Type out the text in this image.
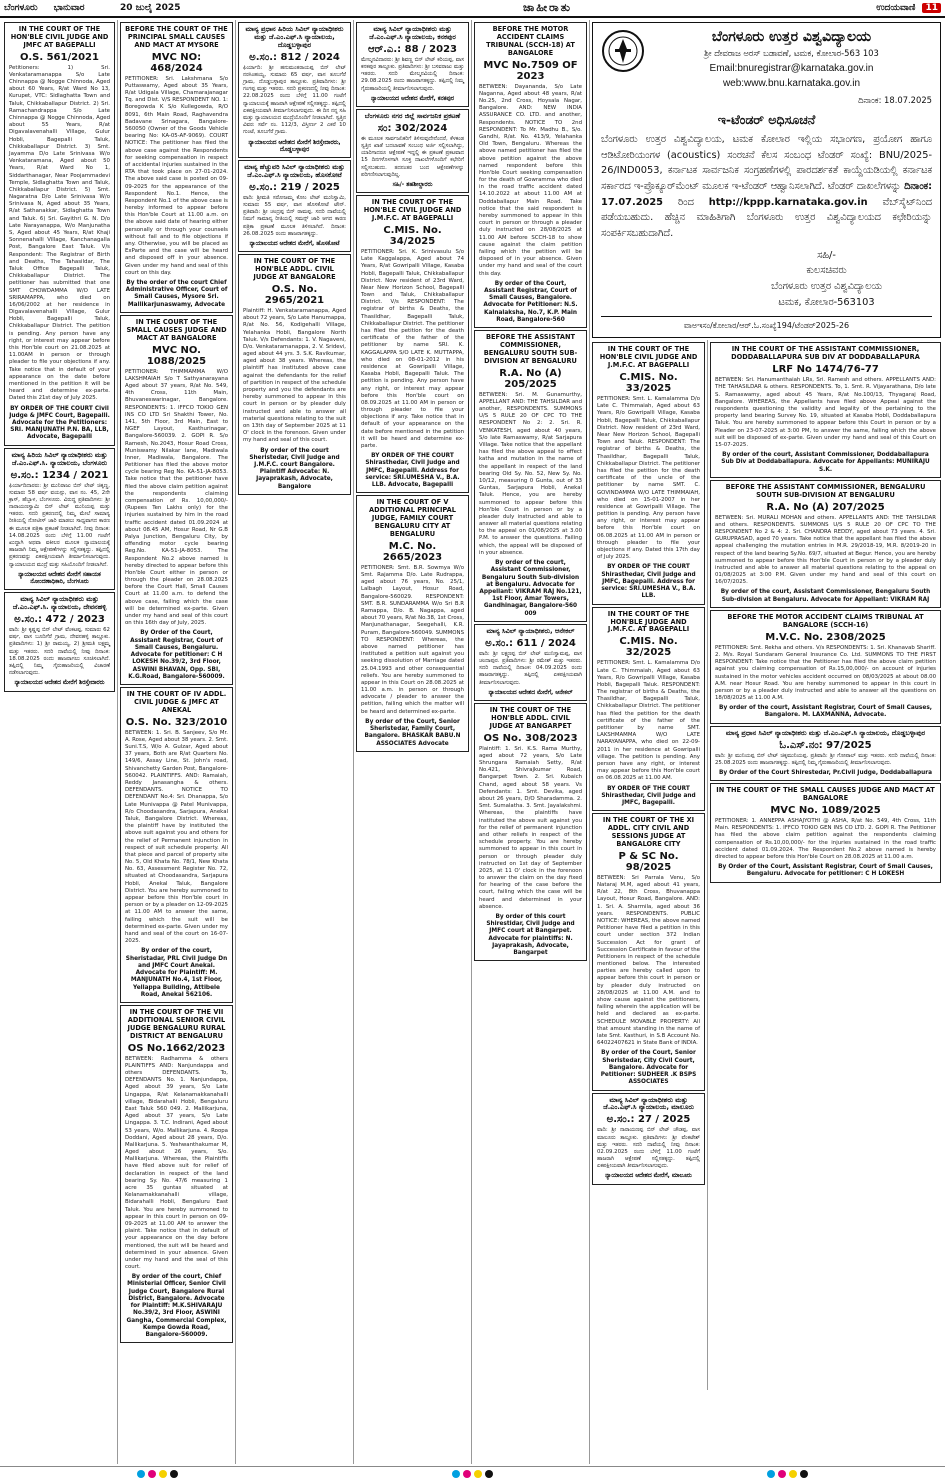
ಬೆಂಗಳೂರು ಭಾನುವಾರ	20 ಜುಲೈ 2025	ಜಾಹೀರಾತು	ಉದಯವಾಣಿ 11
IN THE COURT OF THE HON'BLE CIVIL JUDGE AND JMFC AT BAGEPALLI
O.S. 561/2021
Petitioners: 1) Sri. Venkataramanappa S/o Late Chinnappa @ Nogge Chinnoda, Aged about 60 Years, R/at Ward No 13, Kurupet, VTC: Sidlaghatta Town and Taluk, Chikkaballapur District. 2) Sri. Ramachandrappa S/o Late Chinnappa @ Nogge Chinnoda, Aged about 55 Years, R/at Digavalavenahalli Village, Gulur Hobli, Bagepalli Taluk, Chikkaballapur District. 3) Smt. Jayamma D/o Late Srinivasa W/o Venkataramana, Aged about 50 Years, R/at Ward No 1, Siddarthanagar, Near Poojammadevi Temple, Sidlaghatta Town and Taluk, Chikkaballapur District. 5) Smt. Nagaratna D/o Late Srinivasa W/o Srinivasa N, Aged about 35 Years, R/at Sathanakkar, Sidlaghatta Town and Taluk. 6) Sri. Gayithri G. N. D/o Late Narayanappa, W/o Manjunatha S, Aged about 45 Years, R/at Khaji Sonnenahalli Village, Kanchanagalla Post, Bangalore East Taluk. V/s Respondent: The Registrar of Birth and Deaths, The Tahasildar, The Taluk Office Bagepalli Taluk, Chikkaballapur District. The petitioner has submitted that one SMT CHOWDAMMA W/O LATE SRIRAMAPPA, who died on 16/06/2002 at her residence in Digavalavenahalli Village, Gulur Hobli, Bagepalli Taluk, Chikkaballapur District. The petition is pending. Any person have any right, or interest may appear before this Hon'ble court on 21.08.2025 at 11.00AM in person or through pleader to file your objections if any. Take notice that in default of your appearance on the date before mentioned in the petition it will be heard and determine ex-parte. Dated this 21st day of July 2025.
BY ORDER OF THE COURT Civil Judge & JMFC Court, Bagepalli. Advocate for the Petitioners: SRI. MANJUNATH P.N. BA, LLB, Advocate, Bagepalli
ಮಾನ್ಯ ಹಿರಿಯ ಸಿವಿಲ್ ನ್ಯಾಯಾಧೀಶರು ಮತ್ತು ಜೆ.ಎಂ.ಎಫ್.ಸಿ. ನ್ಯಾಯಾಲಯ, ಬೆಂಗಳೂರು
ಅ.ಸಂ.: 1234 / 2021
ಫಿರ್ಯಾದಿದಾರರು: ಶ್ರೀ ಮುನಿರಾಜು ಬಿನ್ ಲೇಟ್ ಚಿಕ್ಕಣ್ಣ, ಸುಮಾರು 58 ವರ್ಷ ವಯಸ್ಸು, ವಾಸ ನಂ. 45, 2ನೇ ಕ್ರಾಸ್, ಹೆಬ್ಬಾಳ, ಬೆಂಗಳೂರು. ವಿರುದ್ಧ ಪ್ರತಿವಾದಿಗಳು: ಶ್ರೀ ನಾರಾಯಣಸ್ವಾಮಿ ಬಿನ್ ಲೇಟ್ ಮುನಿಯಪ್ಪ ಮತ್ತು ಇತರರು. ಸದರಿ ಪ್ರಕರಣದಲ್ಲಿ ನಿಮ್ಮ ಮೇಲೆ ಸಾಮಾನ್ಯ ರೀತಿಯಲ್ಲಿ ನೋಟೀಸ್ ಜಾರಿ ಮಾಡಲು ಸಾಧ್ಯವಾಗದ ಕಾರಣ ಈ ಮೂಲಕ ಪತ್ರಿಕಾ ಪ್ರಕಟಣೆ ನೀಡಲಾಗಿದೆ. ನೀವು ದಿನಾಂಕ: 14.08.2025 ರಂದು ಬೆಳಿಗ್ಗೆ 11.00 ಗಂಟೆಗೆ ಖುದ್ದಾಗಿ ಅಥವಾ ವಕೀಲರ ಮೂಲಕ ನ್ಯಾಯಾಲಯಕ್ಕೆ ಹಾಜರಾಗಿ ನಿಮ್ಮ ಆಕ್ಷೇಪಣೆಗಳನ್ನು ಸಲ್ಲಿಸತಕ್ಕದ್ದು. ತಪ್ಪಿದಲ್ಲಿ ಪ್ರಕರಣವನ್ನು ಏಕಪಕ್ಷೀಯವಾಗಿ ತೀರ್ಮಾನಿಸಲಾಗುವುದು. ನ್ಯಾಯಾಲಯದ ಮುದ್ರೆ ಮತ್ತು ಸಹಿಯೊಂದಿಗೆ ನೀಡಲಾಗಿದೆ.
ನ್ಯಾಯಾಲಯದ ಆದೇಶದ ಮೇರೆಗೆ ಸಹಾಯಕ ನೋಂದಣಾಧಿಕಾರಿ, ಬೆಂಗಳೂರು
ಮಾನ್ಯ ಸಿವಿಲ್ ನ್ಯಾಯಾಧೀಶರು ಮತ್ತು ಜೆ.ಎಂ.ಎಫ್.ಸಿ. ನ್ಯಾಯಾಲಯ, ದೇವನಹಳ್ಳಿ
ಅ.ಸಂ.: 472 / 2023
ವಾದಿ: ಶ್ರೀ ಕೃಷ್ಣಪ್ಪ ಬಿನ್ ಲೇಟ್ ವೆಂಕಟಪ್ಪ, ಸುಮಾರು 62 ವರ್ಷ, ವಾಸ ಬೂದಿಗೆರೆ ಗ್ರಾಮ, ದೇವನಹಳ್ಳಿ ತಾಲ್ಲೂಕು. ಪ್ರತಿವಾದಿಗಳು: 1) ಶ್ರೀ ರಾಮಯ್ಯ, 2) ಶ್ರೀಮತಿ ಲಕ್ಷ್ಮಮ್ಮ ಮತ್ತು ಇತರರು. ಸದರಿ ದಾವೆಯಲ್ಲಿ ನೀವು ದಿನಾಂಕ: 18.08.2025 ರಂದು ಹಾಜರಾಗಲು ಸೂಚಿಸಲಾಗಿದೆ. ತಪ್ಪಿದಲ್ಲಿ ನಿಮ್ಮ ಗೈರುಹಾಜರಿಯಲ್ಲಿ ವಿಚಾರಣೆ ನಡೆಸಲಾಗುವುದು.
ನ್ಯಾಯಾಲಯದ ಆದೇಶದ ಮೇರೆಗೆ ಶಿರಸ್ತೇದಾರರು
BEFORE THE COURT OF THE PRINCIPAL SMALL CAUSES AND MACT AT MYSORE
MVC NO: 468/2024
PETITIONER: Sri. Lakshmana S/o Puttaswamy, Aged about 35 Years, R/at Udigala Village, Chamarajanagar Tq. and Dist. V/S RESPONDENT NO. 1: Boregowda K S/o Kullegowda, R/O 8091, 6th Main Road, Raghavendra Badavane Srinagara, Bangalore-560050 (Owner of the Goods Vehicle bearing No: KA-05-AF-9069). COURT NOTICE: The petitioner has filed the above case against the Respondents for seeking compensation in respect of accidental injuries sustained in the RTA that took place on 27-01-2024. The above said case is posted on 09-09-2025 for the appearance of the Respondent No.1. Hence, the Respondent No.1 of the above case is hereby informed to appear before this Hon'ble Court at 11.00 a.m. on the above said date of hearing either personally or through your counsels without fail and to file objections if any. Otherwise, you will be placed as ExParte and the case will be heard and disposed off in your absence. Given under my hand and seal of this court on this day.
By the order of the court Chief Administrative Officer, Court of Small Causes, Mysore Sri. Mallikarjunaswamy, Advocate
IN THE COURT OF THE SMALL CAUSES JUDGE AND MACT AT BANGALORE
MVC NO. 1088/2025
PETITIONER: THIMMAMMA W/O LAKSHMAIAH S/o T Sathyanarayana Aged about 37 years, R/at No. 549, 4th Cross, 11th Main, Bhuvaneswarinagar, Bangalore. RESPONDENTS: 1. IFFCO TOKIO GEN INS CO LTD Sri Shakthi Tower, No. 141, 5th Floor, 3rd Main, East to NGEF Layout, Kasthurinagar, Bangalore-560039. 2. GOPI R. S/o Ramesh, No.2043, Hosur Road Cross, Muniswamy Nilakar lane, Madiwala Inner, Madiwala, Bangalore. The Petitioner has filed the above motor cycle bearing Reg No. KA-51-JA-8053. Take notice that the petitioner have filed the above claim petition against the respondents claiming compensation of Rs. 10,00,000/- (Rupees Ten Lakhs only) for the injuries sustained by him in the road traffic accident dated 01.09.2024 at about 08.45 AM, Hosur Road, Nr G.B Palya Junction, Bengaluru City, by offending motor cycle bearing Reg.No. KA-51-JA-8053. The Respondent No.2 above named is hereby directed to appear before this Hon'ble Court either in person or through the pleader on 28.08.2025 before the Court Hall, Small Causes Court at 11.00 a.m. to defend the above case, failing which the case will be determined ex-parte. Given under my hand and seal of this court on this 16th day of July, 2025.
By Order of the Court, Assistant Registrar, Court of Small Causes, Bengaluru. Advocate for petitioner: C H LOKESH No.39/2, 3rd Floor, ASWINI BHAVAN, Opp. SBI, K.G.Road, Bangalore-560009.
IN THE COURT OF IV ADDL. CIVIL JUDGE & JMFC AT ANEKAL
O.S. No. 323/2010
BETWEEN: 1. Sri. B. Sanjeev, S/o Mr. A. Rose, Aged about 38 years. 2. Smt. Suni.T.S, W/o A. Gulzar, Aged about 37 years, Both are R/at Quarters No. 149/6, Assay Line, St. John's road, Shivanchetty Garden Post, Bangalore-560042. PLAINTIFFS. AND: Ramaiah, Reddy Janasangha & others. DEFENDANTS. NOTICE TO DEFENDANT No.4: Sri. Dhanappa, S/o Late Munivappa @ Patel Munivappa, R/o Choodasandra, Sarjapura, Anekal Taluk, Bangalore District. Whereas, the plaintiff have by instituted the above suit against you and others for the relief of Permanent injunction in respect of suit schedule property. All that piece and parcel of property site No. 5, Old Khata No. 78/1, New Khata No. 63, Assessment Register No. 72, situated at Choodasandra, Sarjapura Hobli, Anekal Taluk, Bangalore District. You are hereby summoned to appear before this Hon'ble court in person or by a pleader on 12-09-2025 at 11.00 AM to answer the same, failing which the suit will be determined ex-parte. Given under my hand and seal of the court on 16-07-2025.
By order of the court, Sheristadar, PRL Civil Judge Dn and JMFC Court Anekal. Advocate for Plaintiff: M. MANJUNATH No.4, 1st Floor, Yellappa Building, Attibele Road, Anekal 562106.
IN THE COURT OF THE VII ADDITIONAL SENIOR CIVIL JUDGE BENGALURU RURAL DISTRICT AT BENGALURU
OS No.1662/2023
BETWEEN: Radhamma & others PLAINTIFFS AND: Nanjundappa and others DEFENDANTS. To, DEFENDANTS No. 1. Nanjundappa, Aged about 39 years, S/o Late Lingappa, R/at Kelanamakkanahalli village, Bidarahalli Hobli, Bengaluru East Taluk 560 049. 2. Mallikarjuna, Aged about 37 years, S/o Late Lingappa. 3. T.C. Indirani, Aged about 53 years, W/o. Mallikarjuna. 4. Roopa Doddani, Aged about 28 years, D/o. Mallikarjuna. 5. Yeshwanthakumar M, Aged about 26 years, S/o. Mallikarjuna. Whereas, the Plaintiffs have filed above suit for relief of declaration in respect of the land bearing Sy. No. 47/6 measuring 1 acre 35 guntas situated at Kelanamakkanahalli village, Bidarahalli Hobli, Bengaluru East Taluk. You are hereby summoned to appear in this court in person on 09-09-2025 at 11.00 AM to answer the plaint. Take notice that in default of your appearance on the day before mentioned, the suit will be heard and determined in your absence. Given under my hand and the seal of this court.
By order of the court, Chief Ministerial Officer, Senior Civil Judge Court, Bangalore Rural District, Bangalore. Advocate for Plaintiff: M.K.SHIVARAJU No.39/2, 3rd Floor, ASWINI Gangha, Commercial Complex, Kempe Gowda Road, Bangalore-560009.
ಮಾನ್ಯ ಪ್ರಧಾನ ಹಿರಿಯ ಸಿವಿಲ್ ನ್ಯಾಯಾಧೀಶರು ಮತ್ತು ಜೆ.ಎಂ.ಎಫ್.ಸಿ ನ್ಯಾಯಾಲಯ, ದೊಡ್ಡಬಳ್ಳಾಪುರ
ಅ.ಸಂ.: 812 / 2024
ಫಿರ್ಯಾದಿ: ಶ್ರೀ ಹನುಮಂತರಾಯಪ್ಪ ಬಿನ್ ಲೇಟ್ ನರಸಿಂಹಯ್ಯ, ಸುಮಾರು 65 ವರ್ಷ, ವಾಸ ತೂಬಗೆರೆ ಗ್ರಾಮ, ದೊಡ್ಡಬಳ್ಳಾಪುರ ತಾಲ್ಲೂಕು. ಪ್ರತಿವಾದಿಗಳು: ಶ್ರೀ ಗಂಗಪ್ಪ ಮತ್ತು ಇತರರು. ಸದರಿ ಪ್ರಕರಣದಲ್ಲಿ ನೀವು ದಿನಾಂಕ: 22.08.2025 ರಂದು ಬೆಳಿಗ್ಗೆ 11.00 ಗಂಟೆಗೆ ನ್ಯಾಯಾಲಯಕ್ಕೆ ಹಾಜರಾಗಿ ಆಕ್ಷೇಪಣೆ ಸಲ್ಲಿಸತಕ್ಕದ್ದು. ತಪ್ಪಿದಲ್ಲಿ ಏಕಪಕ್ಷೀಯವಾಗಿ ತೀರ್ಮಾನಿಸಲಾಗುವುದು. ಈ ದಿನ ನನ್ನ ಸಹಿ ಮತ್ತು ನ್ಯಾಯಾಲಯದ ಮುದ್ರೆಯೊಂದಿಗೆ ನೀಡಲಾಗಿದೆ. ಸ್ವತ್ತಿನ ವಿವರ: ಸರ್ವೆ ನಂ. 112/3, ವಿಸ್ತೀರ್ಣ 2 ಎಕರೆ 10 ಗುಂಟೆ, ತೂಬಗೆರೆ ಗ್ರಾಮ.
ನ್ಯಾಯಾಲಯದ ಆದೇಶದ ಮೇರೆಗೆ ಶಿರಸ್ತೇದಾರರು, ದೊಡ್ಡಬಳ್ಳಾಪುರ
ಮಾನ್ಯ ಹೆಚ್ಚುವರಿ ಸಿವಿಲ್ ನ್ಯಾಯಾಧೀಶರು ಮತ್ತು ಜೆ.ಎಂ.ಎಫ್.ಸಿ ನ್ಯಾಯಾಲಯ, ಹೊಸಕೋಟೆ
ಅ.ಸಂ.: 219 / 2025
ವಾದಿ: ಶ್ರೀಮತಿ ಸರೋಜಮ್ಮ ಕೋಂ ಲೇಟ್ ಮುನಿಸ್ವಾಮಿ, ಸುಮಾರು 55 ವರ್ಷ, ವಾಸ ಹೊಸಕೋಟೆ ಟೌನ್. ಪ್ರತಿವಾದಿ: ಶ್ರೀ ಚಂದ್ರಪ್ಪ ಬಿನ್ ರಾಮಪ್ಪ. ಸದರಿ ದಾವೆಯಲ್ಲಿ ನಿಮಗೆ ಸಾಮಾನ್ಯ ರೀತಿಯಲ್ಲಿ ಸಮನ್ಸ್ ಜಾರಿ ಆಗದ ಕಾರಣ ಪತ್ರಿಕಾ ಪ್ರಕಟಣೆ ಮೂಲಕ ತಿಳಿಸಲಾಗಿದೆ. ದಿನಾಂಕ: 26.08.2025 ರಂದು ಹಾಜರಾಗತಕ್ಕದ್ದು.
ನ್ಯಾಯಾಲಯದ ಆದೇಶದ ಮೇರೆಗೆ, ಹೊಸಕೋಟೆ
IN THE COURT OF THE HON'BLE ADDL. CIVIL JUDGE AT BANGALORE
O.S. No. 2965/2021
Plaintiff: H. Venkataramanappa, Aged about 72 years, S/o Late Hanumappa, R/at No. 56, Kodigehalli Village, Yelahanka Hobli, Bangalore North Taluk. V/s Defendants: 1. V. Nagaveni, D/o. Venkataramanappa, 2. V. Sridevi, aged about 44 yrs. 3. S.K. Ravikumar, aged about 38 years. Whereas, the plaintiff has instituted above case against the defendants for the relief of partition in respect of the schedule property and you the defendants are hereby summoned to appear in this court in person or by pleader duly instructed and able to answer all material questions relating to the suit on 13th day of September 2025 at 11 O' clock in the forenoon. Given under my hand and seal of this court.
By order of the court Sheristedar, Civil Judge and J.M.F.C. court Bangalore. Plaintiff Advocate: N. Jayaprakash, Advocate, Bangalore
ಮಾನ್ಯ ಸಿವಿಲ್ ನ್ಯಾಯಾಧೀಶರು ಮತ್ತು ಜೆ.ಎಂ.ಎಫ್.ಸಿ ನ್ಯಾಯಾಲಯ, ಕನಕಪುರ
ಆರ್.ಎ.: 88 / 2023
ಮೇಲ್ಮನವಿದಾರರು: ಶ್ರೀ ಶಿವಣ್ಣ ಬಿನ್ ಲೇಟ್ ಕರಿಯಪ್ಪ, ವಾಸ ಕನಕಪುರ ತಾಲ್ಲೂಕು. ಪ್ರತಿವಾದಿಗಳು: ಶ್ರೀ ಬಸವರಾಜು ಮತ್ತು ಇತರರು. ಸದರಿ ಮೇಲ್ಮನವಿಯಲ್ಲಿ ದಿನಾಂಕ: 29.08.2025 ರಂದು ಹಾಜರಾಗತಕ್ಕದ್ದು. ತಪ್ಪಿದಲ್ಲಿ ನಿಮ್ಮ ಗೈರುಹಾಜರಿಯಲ್ಲಿ ತೀರ್ಮಾನಿಸಲಾಗುವುದು.
ನ್ಯಾಯಾಲಯದ ಆದೇಶದ ಮೇರೆಗೆ, ಕನಕಪುರ
ಬೆಂಗಳೂರು ನಗರ ಜಿಲ್ಲೆ ಸಾರ್ವಜನಿಕ ಪ್ರಕಟಣೆ
ಸಂ: 302/2024
ಈ ಮೂಲಕ ಸಾರ್ವಜನಿಕರಿಗೆ ತಿಳಿಸುವುದೇನೆಂದರೆ, ಕೆಳಕಂಡ ಸ್ವತ್ತಿನ ಖಾತೆ ಬದಲಾವಣೆ ಸಂಬಂಧ ಅರ್ಜಿ ಸಲ್ಲಿಸಲಾಗಿದ್ದು, ಯಾರಿಗಾದರೂ ಆಕ್ಷೇಪಣೆ ಇದ್ದಲ್ಲಿ ಈ ಪ್ರಕಟಣೆ ಪ್ರಕಟವಾದ 15 ದಿನಗಳೊಳಗಾಗಿ ಸೂಕ್ತ ದಾಖಲೆಗಳೊಂದಿಗೆ ಕಛೇರಿಗೆ ಸಲ್ಲಿಸಬಹುದು. ತದನಂತರ ಬಂದ ಆಕ್ಷೇಪಣೆಗಳನ್ನು ಪರಿಗಣಿಸಲಾಗುವುದಿಲ್ಲ.
ಸಹಿ/- ತಹಶೀಲ್ದಾರರು
IN THE COURT OF THE HON'BLE CIVIL JUDGE AND J.M.F.C. AT BAGEPALLI
C.MIS. No. 34/2025
PETITIONER: Sri. K. Srinivasulu S/o Late Kaggalappa, Aged about 74 Years, R/at Gowripalli Village, Kasaba Hobli, Bagepalli Taluk, Chikkaballapur District. Now resident of 23rd Ward, Near New Horizon School, Bagepalli Town and Taluk, Chikkaballapur District. V/s RESPONDENT: The registrar of births & Deaths, the Thasildhar, Bagepalli Taluk, Chikkaballapur District. The petitioner has filed the petition for the death certificate of the father of the petitioner by name SRI. K. KAGGALAPPA S/O LATE K. MUTTAPPA, who died on 08-01-2012 in his residence at Gowripalli Village, Kasaba Hobli, Bagepalli Taluk. The petition is pending. Any person have any right, or interest may appear before this Hon'ble court on 08.09.2025 at 11.00 AM in person or through pleader to file your objections if any. Take notice that in default of your appearance on the date before mentioned in the petition it will be heard and determine ex-parte.
BY ORDER OF THE COURT Shirasthedar, Civil Judge and JMFC, Bagepalli. Address for service: SRI.UMESHA V., B.A. LLB. Advocate, Bagepalli
IN THE COURT OF V ADDITIONAL PRINCIPAL JUDGE, FAMILY COURT BENGALURU CITY AT BENGALURU
M.C. No. 2665/2023
PETITIONER: Smt. B.R. Sowmya W/o Smt. Rajamma D/o. Late Rudrappa, aged about 76 years, No. 25/1, Lalbagh Layout, Hosur Road, Bangalore-560029. RESPONDENT: SMT. B.R. SUNDARAMMA W/o Sri B.R Ramappa, D/o. B. Nagappa, aged about 70 years, R/at No.38, 1st Cross, Manjunathanagar, Seegehalli, K.R. Puram, Bangalore-560049. SUMMONS TO RESPONDENT: Whereas, the above named petitioner has instituted a petition suit against you seeking dissolution of Marriage dated 25.04.1993 and other consequential reliefs. You are hereby summoned to appear in this Court on 28.08.2025 at 11.00 a.m. in person or through advocate / pleader to answer the petition, failing which the matter will be heard and determined ex-parte.
By order of the Court, Senior Sheristedar, Family Court, Bangalore. BHASKAR BABU.N ASSOCIATES Advocate
BEFORE THE MOTOR ACCIDENT CLAIMS TRIBUNAL (SCCH-18) AT BANGALORE
MVC No.7509 OF 2023
BETWEEN: Dayananda, S/o Late Naganna, Aged about 48 years, R/at No.25, 2nd Cross, Hoysala Nagar, Bangalore. AND: NEW INDIA ASSURANCE CO. LTD. and another, Respondents. NOTICE TO 2nd RESPONDENT: To Mr. Madhu B., S/o. Gandhi, R/at. No. 413/9, Yelahanka Old Town, Bengaluru. Whereas the above named petitioner has filed the above petition against the above named respondent before this Hon'ble Court seeking compensation for the death of Gowramma who died in the road traffic accident dated 14.10.2022 at about 11.00 AM at Doddaballapur Main Road. Take notice that the said respondent is hereby summoned to appear in this court in person or through a pleader duly instructed on 28/08/2025 at 11.00 AM before SCCH-18 to show cause against the claim petition failing which the petition will be disposed of in your absence. Given under my hand and seal of the court this day.
By order of the Court, Assistant Registrar, Court of Small Causes, Bangalore. Advocate for Petitioner: N.S. Kalnalaksha, No.7, K.P. Main Road, Bangalore-560
BEFORE THE ASSISTANT COMMISSIONER, BENGALURU SOUTH SUB-DIVISION AT BENGALURU
R.A. No (A) 205/2025
BETWEEN: Sri. M. Gunamurthy, APPELLANT AND: THE TAHSILDAR and another, RESPONDENTS. SUMMONS U/S 5 RULE 20 OF CPC TO THE RESPONDENT No 2: 2. Sri. R. VENKATESH, aged about 40 years, S/o late Ramaswamy, R/at Sarjapura Village. Take notice that the appellant has filed the above appeal to effect katha and mutation in the name of the appellant in respect of the land bearing Old Sy. No. 52, New Sy. No. 10/12, measuring 0 Gunta, out of 33 Guntas, Sarjapura Hobli, Anekal Taluk. Hence, you are hereby summoned to appear before this Hon'ble Court in person or by a pleader duly instructed and able to answer all material questions relating to the appeal on 01/08/2025 at 3.00 P.M. to answer the questions. Failing which, the appeal will be disposed of in your absence.
By order of the court, Assistant Commissioner, Bengaluru South Sub-division at Bengaluru. Advocate for Appellant: VIKRAM RAJ No.121, 1st Floor, Amar Towers, Gandhinagar, Bangalore-560 009
ಮಾನ್ಯ ಸಿವಿಲ್ ನ್ಯಾಯಾಧೀಶರು, ಆನೇಕಲ್
ಅ.ಸಂ.: 611 / 2024
ವಾದಿ: ಶ್ರೀ ಲಕ್ಷ್ಮಣಪ್ಪ ಬಿನ್ ಲೇಟ್ ಮುನಿಸ್ವಾಮಪ್ಪ, ವಾಸ ಚಂದಾಪುರ. ಪ್ರತಿವಾದಿಗಳು: ಶ್ರೀ ರಮೇಶ್ ಮತ್ತು ಇತರರು. ಸದರಿ ದಾವೆಯಲ್ಲಿ ದಿನಾಂಕ: 04.09.2025 ರಂದು ಹಾಜರಾಗತಕ್ಕದ್ದು. ತಪ್ಪಿದಲ್ಲಿ ಏಕಪಕ್ಷೀಯವಾಗಿ ತೀರ್ಮಾನಿಸಲಾಗುವುದು.
ನ್ಯಾಯಾಲಯದ ಆದೇಶದ ಮೇರೆಗೆ, ಆನೇಕಲ್
IN THE COURT OF THE HON'BLE ADDL. CIVIL JUDGE AT BANGARPET
OS No. 308/2023
Plaintiff: 1. Sri. K.S. Rama Murthy, aged about 72 years, S/o Late Shrungara Ramaiah Setty, R/at No.421, Shivrajkumar Road, Bangarpet Town. 2. Sri. Kubaich Chand, aged about 58 years. Vs Defendants: 1. Smt. Devika, aged about 26 years, D/O Sharadamma. 2. Smt. Sumalatha. 3. Smt. Jayalakshmi. Whereas, the plaintiffs have instituted the above suit against you for the relief of permanent injunction and other reliefs in respect of the schedule property. You are hereby summoned to appear in this court in person or through pleader duly instructed on 1st day of September 2025, at 11 O' clock in the forenoon to answer the claim on the day fixed for hearing of the case before the court, failing which the case will be heard and determined in your absence.
By order of this court Shirestidar, Civil Judge and JMFC court at Bangarpet. Advocate for plaintiffs: N. Jayaprakash, Advocate, Bangarpet
ಬೆಂಗಳೂರು ಉತ್ತರ ವಿಶ್ವವಿದ್ಯಾಲಯ
ಶ್ರೀ ದೇವರಾಜ ಅರಸ್ ಬಡಾವಣೆ, ಟಮಕ, ಕೋಲಾರ-563 103
Email:bnuregistrar@karnataka.gov.in
web:www.bnu.karnataka.gov.in
ದಿನಾಂಕ: 18.07.2025
ಇ-ಟೆಂಡರ್ ಅಧಿಸೂಚನೆ
ಬೆಂಗಳೂರು ಉತ್ತರ ವಿಶ್ವವಿದ್ಯಾಲಯ, ಟಮಕ ಕೋಲಾರ ಇಲ್ಲಿಯ ಸಭಾಂಗಣ, ಪ್ರಯೋಗ ಹಾಗೂ ಆಡಿಟೋರಿಯಂಗಳ (acoustics) ಸಂರಚನೆ ಕೆಲಸ ಸಂಬಂಧ ಟೆಂಡರ್ ಸಂಖ್ಯೆ: BNU/2025-26/IND0053, ಕರ್ನಾಟಕ ಸಾರ್ವಜನಿಕ ಸಂಗ್ರಹಣೆಗಳಲ್ಲಿ ಪಾರದರ್ಶಕತೆ ಕಾಯ್ದೆಯಡಿಯಲ್ಲಿ ಕರ್ನಾಟಕ ಸರ್ಕಾರದ ಇ-ಪ್ರೊಕ್ಯೂರ್‌ಮೆಂಟ್ ಮೂಲಕ ಇ-ಟೆಂಡರ್ ಆಹ್ವಾನಿಸಲಾಗಿದೆ. ಟೆಂಡರ್ ದಾಖಲೆಗಳನ್ನು ದಿನಾಂಕ: 17.07.2025 ರಿಂದ http://kppp.karnataka.gov.in ವೆಬ್‌ಸೈಟ್‌ನಿಂದ ಪಡೆಯಬಹುದು. ಹೆಚ್ಚಿನ ಮಾಹಿತಿಗಾಗಿ ಬೆಂಗಳೂರು ಉತ್ತರ ವಿಶ್ವವಿದ್ಯಾಲಯದ ಕಛೇರಿಯನ್ನು ಸಂಪರ್ಕಿಸಬಹುದಾಗಿದೆ.
ಸಹಿ/-
ಕುಲಸಚಿವರು
ಬೆಂಗಳೂರು ಉತ್ತರ ವಿಶ್ವವಿದ್ಯಾಲಯ
ಟಮಕ, ಕೋಲಾರ-563103
ವಾಅಇಸಂ/ಕೋಲಾರ/ಆರ್.ಓ.ಸಂಖ್ಯೆ194/ಟೆಂಡರ್‌2025-26
IN THE COURT OF THE HON'BLE CIVIL JUDGE AND J.M.F.C. AT BAGEPALLI
C.MIS. No. 33/2025
PETITIONER: Smt. L. Kamalamma D/o Late C. Thimmaiah, Aged about 63 Years, R/o Gowripalli Village, Kasaba Hobli, Bagepalli Taluk, Chikkaballapur District. Now resident of 23rd Ward, Near New Horizon School, Bagepalli Town and Taluk. RESPONDENT: The registrar of births & Deaths, the Thasildhar, Bagepalli Taluk, Chikkaballapur District. The petitioner has filed the petition for the death certificate of the uncle of the petitioner by name SMT. C. GOVINDAMMA W/O LATE THIMMAIAH, who died on 15-01-2007 in her residence at Gowripalli Village. The petition is pending. Any person have any right, or interest may appear before this Hon'ble court on 06.08.2025 at 11.00 AM in person or through pleader to file your objections if any. Dated this 17th day of July 2025.
BY ORDER OF THE COURT Shirasthedar, Civil Judge and JMFC, Bagepalli. Address for service: SRI.UMESHA V., B.A. LLB.
IN THE COURT OF THE HON'BLE JUDGE AND J.M.F.C. AT BAGEPALLI
C.MIS. No. 32/2025
PETITIONER: Smt. L. Kamalamma D/o Late C. Thimmaiah, Aged about 63 Years, R/o Gowripalli Village, Kasaba Hobli, Bagepalli Taluk. RESPONDENT: The registrar of births & Deaths, the Thasildhar, Bagepalli Taluk, Chikkaballapur District. The petitioner has filed the petition for the death certificate of the father of the petitioner by name SMT. LAKSHMAMMA W/O LATE NARAYANAPPA, who died on 22-09-2011 in her residence at Gowripalli village. The petition is pending. Any person have any right, or interest may appear before this Hon'ble court on 06.08.2025 at 11.00 AM.
BY ORDER OF THE COURT Shirasthedar, Civil Judge and JMFC, Bagepalli.
IN THE COURT OF THE XI ADDL. CITY CIVIL AND SESSIONS JUDGE AT BANGALORE CITY
P & SC No. 98/2025
BETWEEN: Sri Parrala Venu, S/o Nataraj M.M, aged about 41 years, R/at 22, 8th Cross, Bhuvanappa Layout, Hosur Road, Bangalore. AND: 1. Sri. A. Sharmila, aged about 36 years. RESPONDENTS. PUBLIC NOTICE: WHEREAS, the above named Petitioner have filed a petition in this court under section 372 Indian Succession Act for grant of Succession Certificate in favour of the Petitioners in respect of the schedule mentioned below. The interested parties are hereby called upon to appear before this court in person or by pleader duly instructed on 28/08/2025 at 11.00 A.M. and to show cause against the petitioners, failing wherein the application will be held and declared as ex-parte. SCHEDULE MOVABLE PROPERTY: All that amount standing in the name of late Smt. Kasthuri, in S.B Account No. 64022407621 in State Bank of INDIA.
By order of the Court, Senior Sheristedar, City Civil Court, Bangalore. Advocate for Petitioner: SUDHEER .K BSPS ASSOCIATES
ಮಾನ್ಯ ಸಿವಿಲ್ ನ್ಯಾಯಾಧೀಶರು ಮತ್ತು ಜೆ.ಎಂ.ಎಫ್.ಸಿ ನ್ಯಾಯಾಲಯ, ಮಾಲೂರು
ಅ.ಸಂ.: 27 / 2025
ವಾದಿ: ಶ್ರೀ ನಾರಾಯಣಪ್ಪ ಬಿನ್ ಲೇಟ್ ಚೌಡಪ್ಪ, ವಾಸ ಮಾಲೂರು ತಾಲ್ಲೂಕು. ಪ್ರತಿವಾದಿಗಳು: ಶ್ರೀ ವೆಂಕಟೇಶ್ ಮತ್ತು ಇತರರು. ಸದರಿ ದಾವೆಯಲ್ಲಿ ನೀವು ದಿನಾಂಕ: 02.09.2025 ರಂದು ಬೆಳಿಗ್ಗೆ 11.00 ಗಂಟೆಗೆ ಹಾಜರಾಗಿ ಆಕ್ಷೇಪಣೆ ಸಲ್ಲಿಸತಕ್ಕದ್ದು. ತಪ್ಪಿದಲ್ಲಿ ಏಕಪಕ್ಷೀಯವಾಗಿ ತೀರ್ಮಾನಿಸಲಾಗುವುದು.
ನ್ಯಾಯಾಲಯದ ಆದೇಶದ ಮೇರೆಗೆ, ಮಾಲೂರು
IN THE COURT OF THE ASSISTANT COMMISSIONER, DODDABALLAPURA SUB DIV AT DODDABALLAPURA
LRF No 1474/76-77
BETWEEN: Sri. Hanumanthaiah LRs, Sri. Ramesh and others. APPELLANTS AND: THE TAHASILDAR & others. RESPONDENTS. To, 1. Smt. R. Vijayarathana, D/o late S. Ramaswamy, aged about 45 Years, R/at No.100/13, Thyagaraj Road, Bangalore. WHEREAS, the Appellants have filed above Appeal against the respondents questioning the validity and legality of the pertaining to the property land bearing Survey No. 19, situated at Kasaba Hobli, Doddaballapura Taluk. You are hereby summoned to appear before this Court in person or by a Pleader on 23-07-2025 at 3:00 PM, to answer the same, failing which the above suit will be disposed of ex-parte. Given under my hand and seal of this Court on 15-07-2025.
By order of the court, Assistant Commissioner, Doddaballapura Sub Div at Doddaballapura. Advocate for Appellants: MUNIRAJU S.K.
BEFORE THE ASSISTANT COMMISSIONER, BENGALURU SOUTH SUB-DIVISION AT BENGALURU
R.A. No (A) 207/2025
BETWEEN: Sri. MURALI MOHAN and others. APPELLANTS AND: THE TAHSILDAR and others. RESPONDENTS. SUMMONS U/S 5 RULE 20 OF CPC TO THE RESPONDENT No 2 & 4: 2. Sri. CHANDRA REDDY, aged about 73 years. 4. Sri. GURUPRASAD, aged 70 years. Take notice that the appellant has filed the above appeal challenging the mutation entries in M.R. 29/2018-19, M.R. 8/2019-20 in respect of the land bearing Sy.No. 69/7, situated at Begur. Hence, you are hereby summoned to appear before this Hon'ble Court in person or by a pleader duly instructed and able to answer all material questions relating to the appeal on 01/08/2025 at 3:00 P.M. Given under my hand and seal of this court on 16/07/2025.
By order of the court, Assistant Commissioner, Bengaluru South Sub-division at Bengaluru. Advocate for Appellant: VIKRAM RAJ
BEFORE THE MOTOR ACCIDENT CLAIMS TRIBUNAL AT BANGALORE (SCCH-16)
M.V.C. No. 2308/2025
PETITIONER: Smt. Rekha and others. V/s RESPONDENTS: 1. Sri. Khanavab Shariff. 2. M/s. Royal Sundaram General Insurance Co. Ltd. SUMMONS TO THE FIRST RESPONDENT: Take notice that the Petitioner has filed the above claim petition against you claiming compensation of Rs.15,00,000/- on account of injuries sustained in the motor vehicles accident occurred on 08/03/2025 at about 08.00 A.M. near Hosur Road. You are hereby summoned to appear in this court in person or by a pleader duly instructed and able to answer all the questions on 18/08/2025 at 11.00 A.M.
By order of the court, Assistant Registrar, Court of Small Causes, Bangalore. M. LAXMANNA, Advocate.
ಮಾನ್ಯ ಪ್ರಧಾನ ಸಿವಿಲ್ ನ್ಯಾಯಾಧೀಶರು ಮತ್ತು ಜೆ.ಎಂ.ಎಫ್.ಸಿ ನ್ಯಾಯಾಲಯ, ದೊಡ್ಡಬಳ್ಳಾಪುರ
ಓ.ಎಸ್.ನಂ: 97/2025
ವಾದಿ: ಶ್ರೀ ಮುನಿಯಪ್ಪ ಬಿನ್ ಲೇಟ್ ಚಿಕ್ಕಮುನಿಯಪ್ಪ. ಪ್ರತಿವಾದಿ: ಶ್ರೀ ಗೋಪಾಲ್ ಮತ್ತು ಇತರರು. ಸದರಿ ದಾವೆಯಲ್ಲಿ ದಿನಾಂಕ: 25.08.2025 ರಂದು ಹಾಜರಾಗತಕ್ಕದ್ದು. ತಪ್ಪಿದಲ್ಲಿ ನಿಮ್ಮ ಗೈರುಹಾಜರಿಯಲ್ಲಿ ತೀರ್ಮಾನಿಸಲಾಗುವುದು.
By Order of the Court Shirestedar, Pr.Civil Judge, Doddaballapura
IN THE COURT OF THE SMALL CAUSES JUDGE AND MACT AT BANGALORE
MVC No. 1089/2025
PETITIONER: 1. ANNEPPA ASHAJYOTHI @ ASHA, R/at No. 549, 4th Cross, 11th Main. RESPONDENTS: 1. IFFCO TOKIO GEN INS CO LTD. 2. GOPI R. The Petitioner has filed the above claim petition against the respondents claiming compensation of Rs.10,00,000/- for the injuries sustained in the road traffic accident dated 01.09.2024. The Respondent No.2 above named is hereby directed to appear before this Hon'ble Court on 28.08.2025 at 11.00 a.m.
By Order of the Court, Assistant Registrar, Court of Small Causes, Bengaluru. Advocate for petitioner: C H LOKESH
